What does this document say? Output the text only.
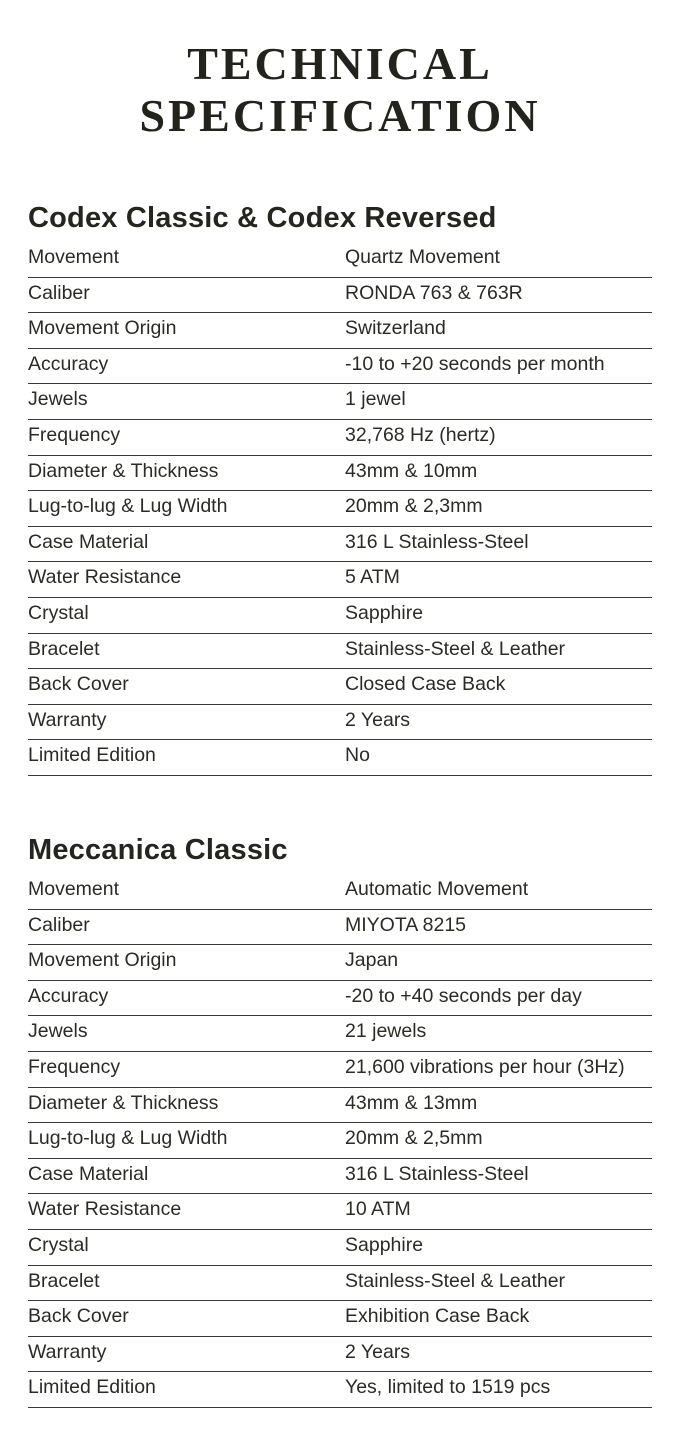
TECHNICAL
SPECIFICATION
Codex Classic & Codex Reversed
Movement	Quartz Movement
Caliber	RONDA 763 & 763R
Movement Origin	Switzerland
Accuracy	-10 to +20 seconds per month
Jewels	1 jewel
Frequency	32,768 Hz (hertz)
Diameter & Thickness	43mm & 10mm
Lug-to-lug & Lug Width	20mm & 2,3mm
Case Material	316 L Stainless-Steel
Water Resistance	5 ATM
Crystal	Sapphire
Bracelet	Stainless-Steel & Leather
Back Cover	Closed Case Back
Warranty	2 Years
Limited Edition	No
Meccanica Classic
Movement	Automatic Movement
Caliber	MIYOTA 8215
Movement Origin	Japan
Accuracy	-20 to +40 seconds per day
Jewels	21 jewels
Frequency	21,600 vibrations per hour (3Hz)
Diameter & Thickness	43mm & 13mm
Lug-to-lug & Lug Width	20mm & 2,5mm
Case Material	316 L Stainless-Steel
Water Resistance	10 ATM
Crystal	Sapphire
Bracelet	Stainless-Steel & Leather
Back Cover	Exhibition Case Back
Warranty	2 Years
Limited Edition	Yes, limited to 1519 pcs
